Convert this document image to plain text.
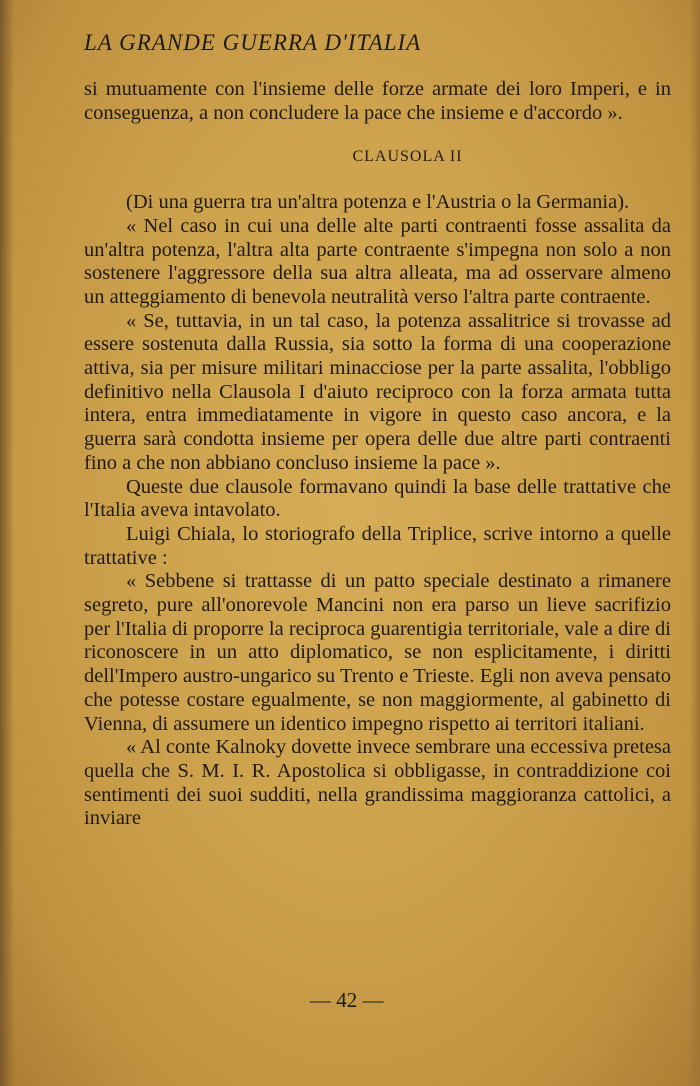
LA GRANDE GUERRA D'ITALIA

si mutuamente con l'insieme delle forze armate dei loro Imperi, e in conseguenza, a non concludere la pace che insieme e d'accordo ».

CLAUSOLA II

(Di una guerra tra un'altra potenza e l'Austria o la Germania).

« Nel caso in cui una delle alte parti contraenti fosse assalita da un'altra potenza, l'altra alta parte contraente s'impegna non solo a non sostenere l'aggressore della sua altra alleata, ma ad osservare almeno un atteggiamento di benevola neutralità verso l'altra parte contraente.

« Se, tuttavia, in un tal caso, la potenza assalitrice si trovasse ad essere sostenuta dalla Russia, sia sotto la forma di una cooperazione attiva, sia per misure militari minacciose per la parte assalita, l'obbligo definitivo nella Clausola I d'aiuto reciproco con la forza armata tutta intera, entra immediatamente in vigore in questo caso ancora, e la guerra sarà condotta insieme per opera delle due altre parti contraenti fino a che non abbiano concluso insieme la pace ».

Queste due clausole formavano quindi la base delle trattative che l'Italia aveva intavolato.

Luigi Chiala, lo storiografo della Triplice, scrive intorno a quelle trattative :

« Sebbene si trattasse di un patto speciale destinato a rimanere segreto, pure all'onorevole Mancini non era parso un lieve sacrifizio per l'Italia di proporre la reciproca guarentigia territoriale, vale a dire di riconoscere in un atto diplomatico, se non esplicitamente, i diritti dell'Impero austro-ungarico su Trento e Trieste. Egli non aveva pensato che potesse costare egualmente, se non maggiormente, al gabinetto di Vienna, di assumere un identico impegno rispetto ai territori italiani.

« Al conte Kalnoky dovette invece sembrare una eccessiva pretesa quella che S. M. I. R. Apostolica si obbligasse, in contraddizione coi sentimenti dei suoi sudditi, nella grandissima maggioranza cattolici, a inviare

— 42 —
